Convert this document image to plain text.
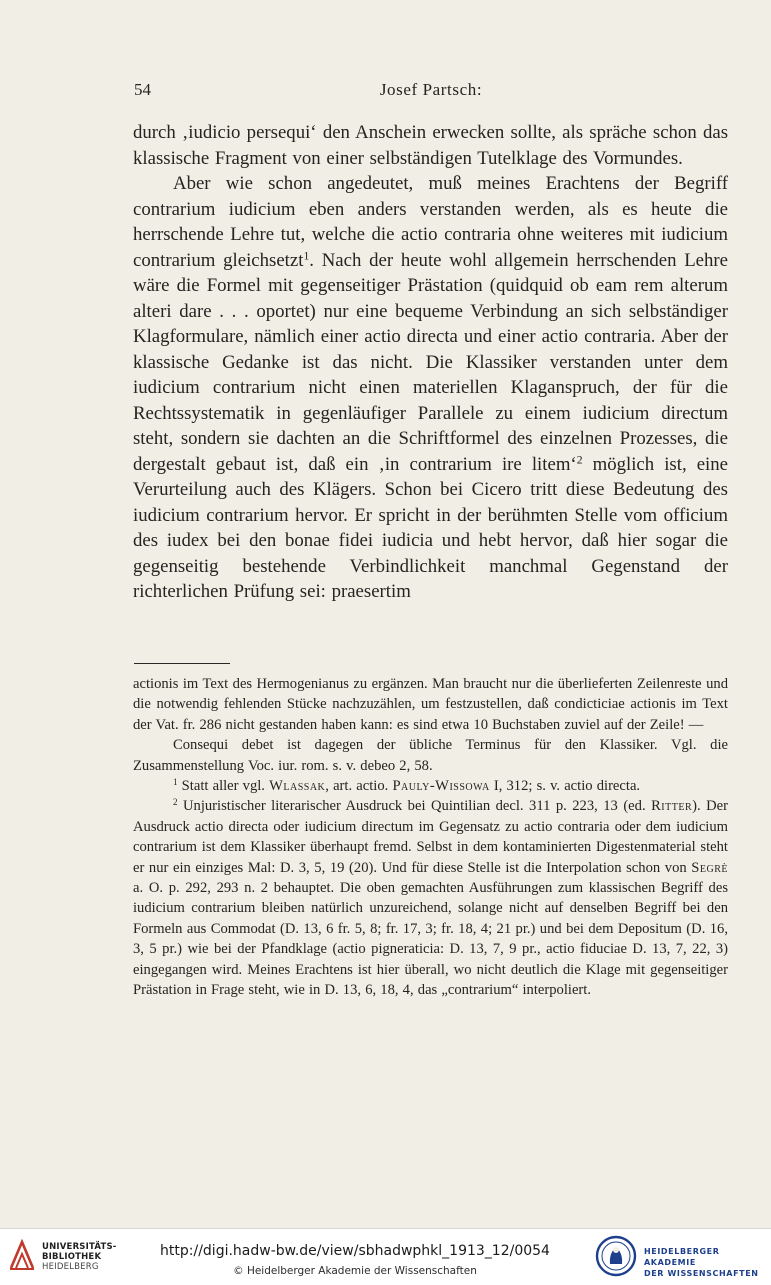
54	Josef Partsch:

durch ‚iudicio persequi‘ den Anschein erwecken sollte, als spräche schon das klassische Fragment von einer selbständigen Tutelklage des Vormundes.

Aber wie schon angedeutet, muß meines Erachtens der Begriff contrarium iudicium eben anders verstanden werden, als es heute die herrschende Lehre tut, welche die actio contraria ohne weiteres mit iudicium contrarium gleichsetzt$^1$. Nach der heute wohl allgemein herrschenden Lehre wäre die Formel mit gegenseitiger Prästation (quidquid ob eam rem alterum alteri dare . . . oportet) nur eine bequeme Verbindung an sich selbständiger Klagformulare, nämlich einer actio directa und einer actio contraria. Aber der klassische Gedanke ist das nicht. Die Klassiker verstanden unter dem iudicium contrarium nicht einen materiellen Klaganspruch, der für die Rechtssystematik in gegenläufiger Parallele zu einem iudicium directum steht, sondern sie dachten an die Schriftformel des einzelnen Prozesses, die dergestalt gebaut ist, daß ein ‚in contrarium ire litem‘$^2$ möglich ist, eine Verurteilung auch des Klägers. Schon bei Cicero tritt diese Bedeutung des iudicium contrarium hervor. Er spricht in der berühmten Stelle vom officium des iudex bei den bonae fidei iudicia und hebt hervor, daß hier sogar die gegenseitig bestehende Verbindlichkeit manchmal Gegenstand der richterlichen Prüfung sei: praesertim

actionis im Text des Hermogenianus zu ergänzen. Man braucht nur die überlieferten Zeilenreste und die notwendig fehlenden Stücke nachzuzählen, um festzustellen, daß condicticiae actionis im Text der Vat. fr. 286 nicht gestanden haben kann: es sind etwa 10 Buchstaben zuviel auf der Zeile! —

Consequi debet ist dagegen der übliche Terminus für den Klassiker. Vgl. die Zusammenstellung Voc. iur. rom. s. v. debeo 2, 58.

$^1$ Statt aller vgl. Wlassak, art. actio. Pauly-Wissowa I, 312; s. v. actio directa.

$^2$ Unjuristischer literarischer Ausdruck bei Quintilian decl. 311 p. 223, 13 (ed. Ritter). Der Ausdruck actio directa oder iudicium directum im Gegensatz zu actio contraria oder dem iudicium contrarium ist dem Klassiker überhaupt fremd. Selbst in dem kontaminierten Digestenmaterial steht er nur ein einziges Mal: D. 3, 5, 19 (20). Und für diese Stelle ist die Interpolation schon von Segrè a. O. p. 292, 293 n. 2 behauptet. Die oben gemachten Ausführungen zum klassischen Begriff des iudicium contrarium bleiben natürlich unzureichend, solange nicht auf denselben Begriff bei den Formeln aus Commodat (D. 13, 6 fr. 5, 8; fr. 17, 3; fr. 18, 4; 21 pr.) und bei dem Depositum (D. 16, 3, 5 pr.) wie bei der Pfandklage (actio pigneraticia: D. 13, 7, 9 pr., actio fiduciae D. 13, 7, 22, 3) eingegangen wird. Meines Erachtens ist hier überall, wo nicht deutlich die Klage mit gegenseitiger Prästation in Frage steht, wie in D. 13, 6, 18, 4, das „contrarium“ interpoliert.

UNIVERSITÄTS-
BIBLIOTHEK
HEIDELBERG
http://digi.hadw-bw.de/view/sbhadwphkl_1913_12/0054
© Heidelberger Akademie der Wissenschaften
HEIDELBERGER AKADEMIE
DER WISSENSCHAFTEN
